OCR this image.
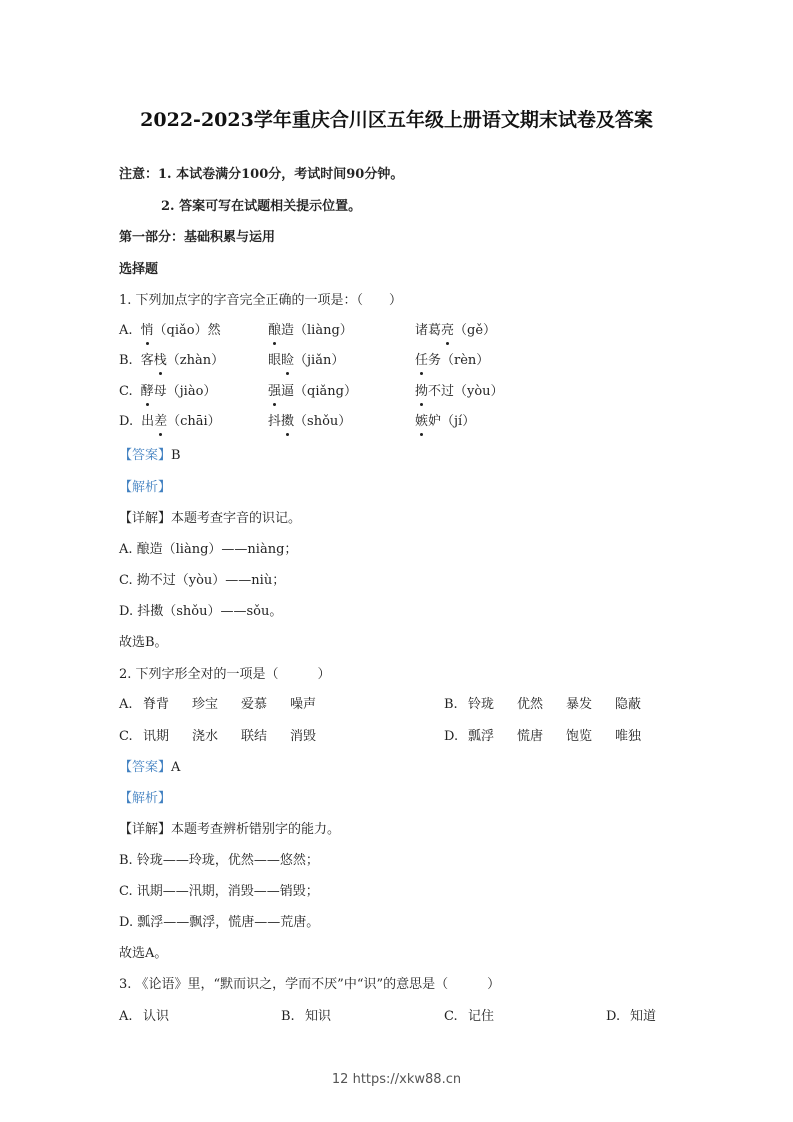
2022-2023学年重庆合川区五年级上册语文期末试卷及答案
注意：1. 本试卷满分100分，考试时间90分钟。
2. 答案可写在试题相关提示位置。
第一部分：基础积累与运用
选择题
1. 下列加点字的字音完全正确的一项是：（　　）
A. 悄（qiǎo）然	酿造（liàng）	诸葛亮（gě）
B. 客栈（zhàn）	眼睑（jiǎn）	任务（rèn）
C. 酵母（jiào）	强逼（qiǎng）	拗不过（yòu）
D. 出差（chāi）	抖擞（shǒu）	嫉妒（jí）
【答案】B
【解析】
【详解】本题考查字音的识记。
A. 酿造（liàng）——niàng；
C. 拗不过（yòu）——niù；
D. 抖擞（shǒu）——sǒu。
故选B。
2. 下列字形全对的一项是（　　　）
A. 脊背 珍宝 爱慕 噪声	B. 铃珑 优然 暴发 隐蔽
C. 讯期 浇水 联结 消毁	D. 瓢浮 慌唐 饱览 唯独
【答案】A
【解析】
【详解】本题考查辨析错别字的能力。
B. 铃珑——玲珑，优然——悠然；
C. 讯期——汛期，消毁——销毁；
D. 瓢浮——飘浮，慌唐——荒唐。
故选A。
3. 《论语》里，“默而识之，学而不厌”中“识”的意思是（　　　）
A. 认识	B. 知识	C. 记住	D. 知道
12 https://xkw88.cn
